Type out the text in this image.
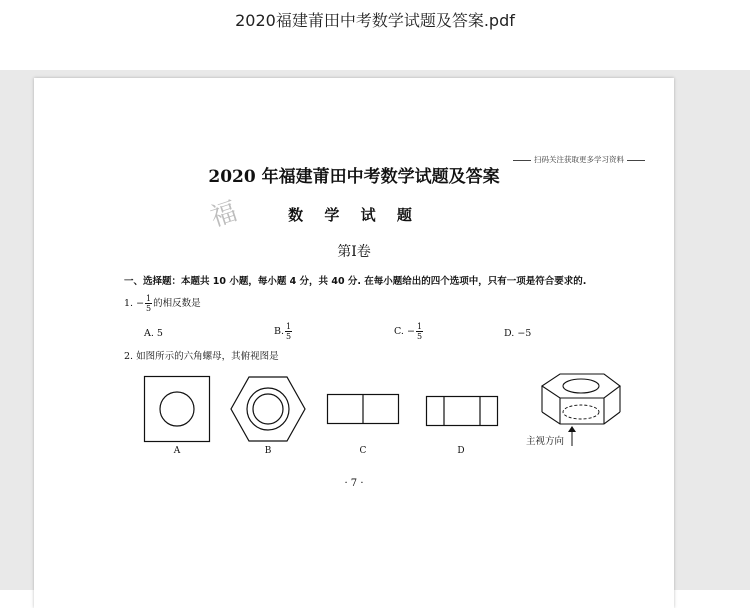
2020福建莆田中考数学试题及答案.pdf
扫码关注获取更多学习资料
2020 年福建莆田中考数学试题及答案
福	数 学 试 题
第Ⅰ卷
一、选择题：本题共 10 小题，每小题 4 分，共 40 分. 在每小题给出的四个选项中，只有一项是符合要求的.
1. − $\frac{1}{5}$ 的相反数是
A. 5	B. $\frac{1}{5}$	C. − $\frac{1}{5}$	D. −5
2. 如图所示的六角螺母，其俯视图是
A	B	C	D
主视方向
· 7 ·
